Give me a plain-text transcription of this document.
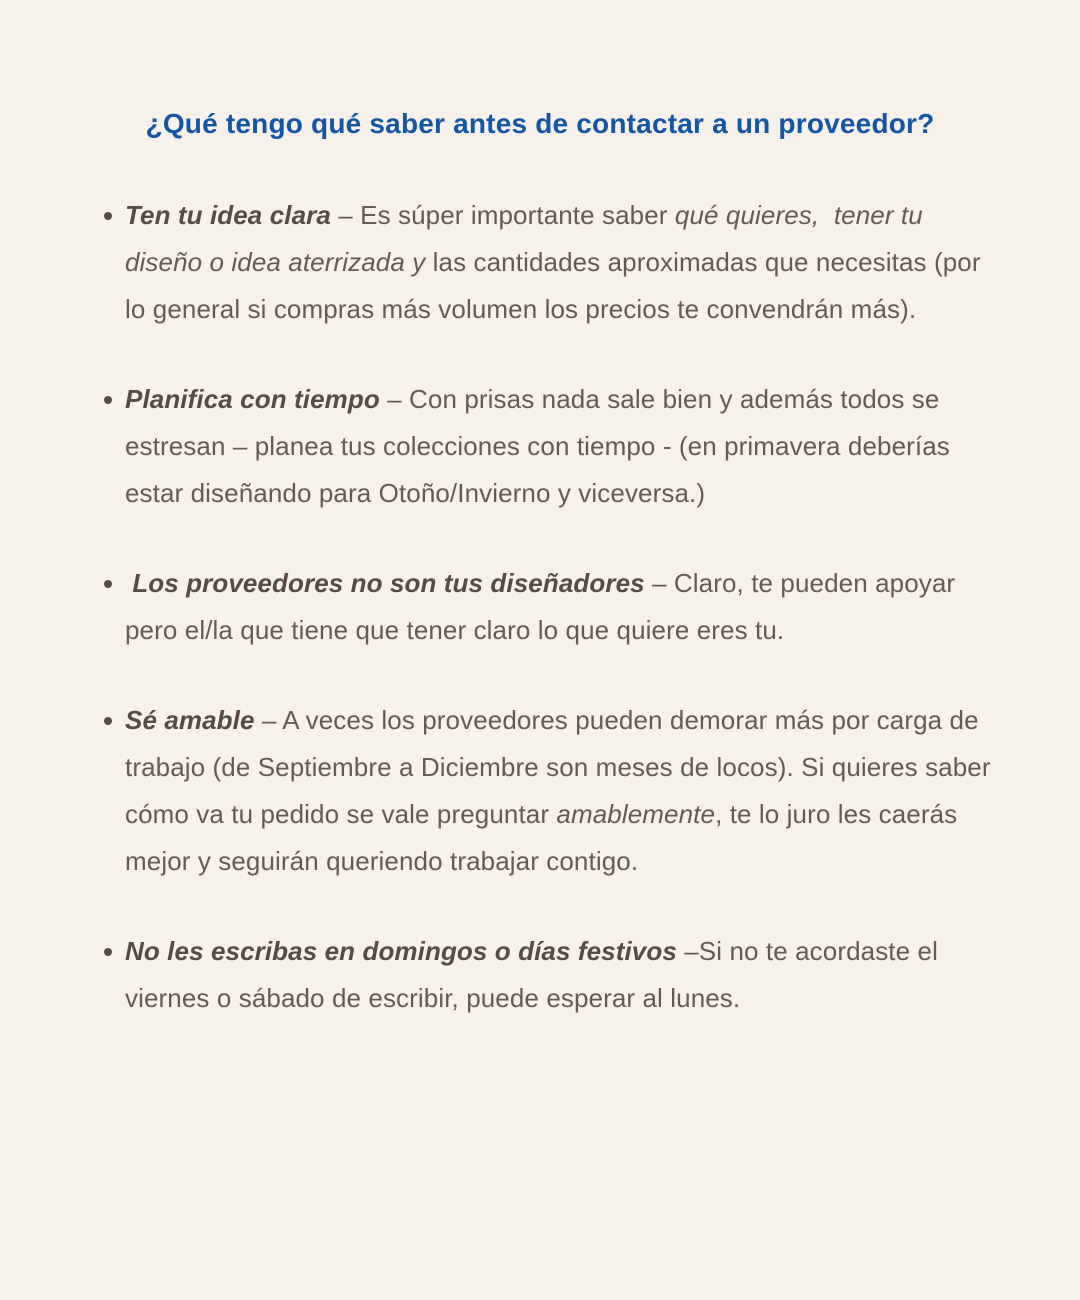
¿Qué tengo qué saber antes de contactar a un proveedor?
Ten tu idea clara – Es súper importante saber qué quieres,  tener tu diseño o idea aterrizada y las cantidades aproximadas que necesitas (por lo general si compras más volumen los precios te convendrán más).
Planifica con tiempo – Con prisas nada sale bien y además todos se estresan – planea tus colecciones con tiempo - (en primavera deberías estar diseñando para Otoño/Invierno y viceversa.)
Los proveedores no son tus diseñadores – Claro, te pueden apoyar pero el/la que tiene que tener claro lo que quiere eres tu.
Sé amable – A veces los proveedores pueden demorar más por carga de trabajo (de Septiembre a Diciembre son meses de locos). Si quieres saber cómo va tu pedido se vale preguntar amablemente, te lo juro les caerás mejor y seguirán queriendo trabajar contigo.
No les escribas en domingos o días festivos –Si no te acordaste el viernes o sábado de escribir, puede esperar al lunes.
